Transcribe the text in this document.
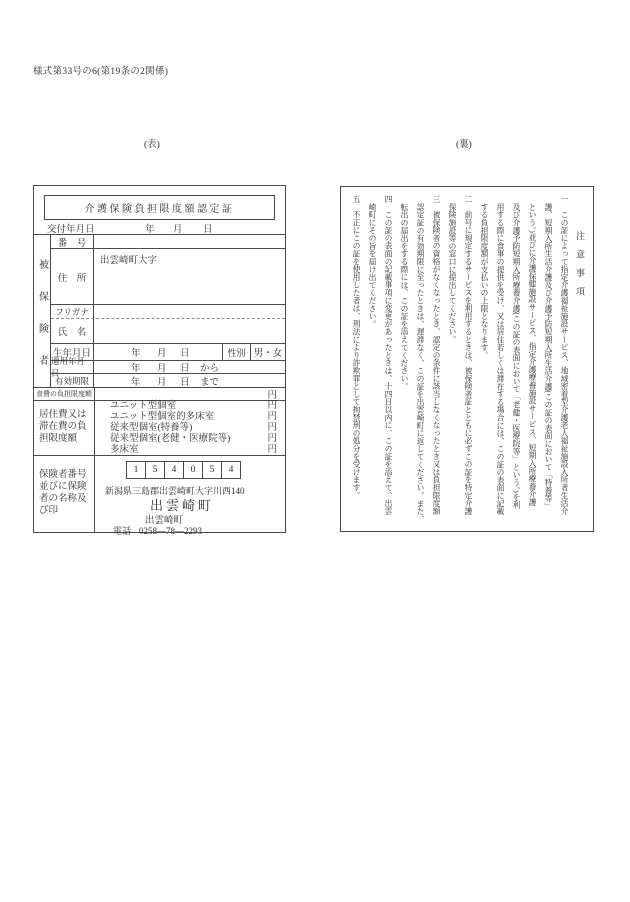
様式第33号の6(第19条の2関係)
(表)	(裏)
介護保険負担限度額認定証
交付年月日	年 月 日
被保険者
番　号
住　所
出雲崎町大字
フリガナ
氏　名
生年月日	年 月 日	性別 男・女
適用年月日	年 月 日 から
有効期限	年 月 日 まで
食費の負担限度額	円
居住費又は滞在費の負担限度額
ユニット型個室	円
ユニット型個室的多床室	円
従来型個室(特養等)	円
従来型個室(老健・医療院等)	円
多床室	円
保険者番号並びに保険者の名称及び印
1	5	4	0	5	4
新潟県三島郡出雲崎町大字川西140
出雲崎町
出雲崎町
電話 0258—78—2293
注意事項
一　この証によって指定介護福祉施設サービス、地域密着型介護老人福祉施設入所者生活介
護、短期入所生活介護及び介護予防短期入所生活介護(この証の表面において「特養等」
という。)並びに介護保健施設サービス、指定介護療養施設サービス、短期入所療養介護
及び介護予防短期入所療養介護(この証の表面において「老健・医療院等」という。)を利
用する際に食事の提供を受け、又は居住若しくは滞在する場合には、この証の表面に記載
する負担限度額が支払いの上限となります。
二　前号に規定するサービスを利用するときは、被保険者証とともに必ずこの証を特定介護
保険施設等の窓口に提出してください。
三　被保険者の資格がなくなったとき、認定の条件に該当しなくなったとき又は負担限度額
認定証の有効期限に至ったときは、遅滞なく、この証を出雲崎町に返してください。また、
転出の届出をする際には、この証を添えてください。
四　この証の表面の記載事項に変更があったときは、十四日以内に、この証を添えて、出雲
崎町にその旨を届け出てください。
五　不正にこの証を使用した者は、刑法により詐欺罪として拘禁刑の処分を受けます。
